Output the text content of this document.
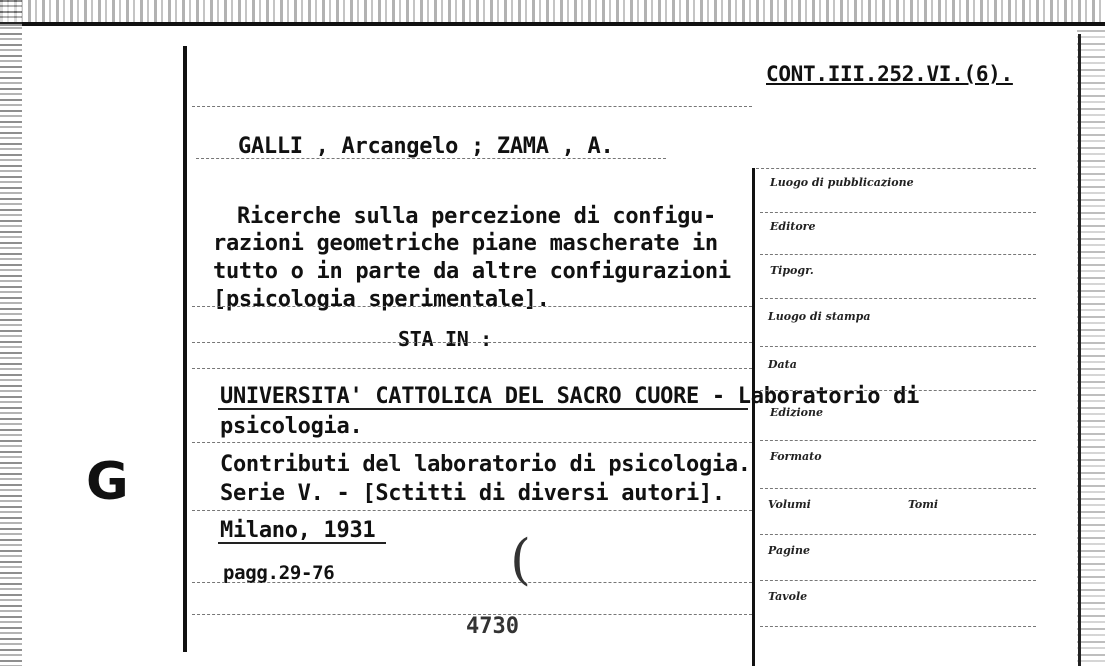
CONT.III.252.VI.(6).
GALLI , Arcangelo ; ZAMA , A.
Ricerche sulla percezione di configu-
razioni geometriche piane mascherate in
tutto o in parte da altre configurazioni
[psicologia sperimentale].
STA IN :
UNIVERSITA' CATTOLICA DEL SACRO CUORE - Laboratorio di
psicologia.
Contributi del laboratorio di psicologia.
Serie V. - [Sctitti di diversi autori].
Milano, 1931
pagg.29-76
4730
G
(
Luogo di pubblicazione
Editore
Tipogr.
Luogo di stampa
Data
Edizione
Formato
Volumi	Tomi
Pagine
Tavole
